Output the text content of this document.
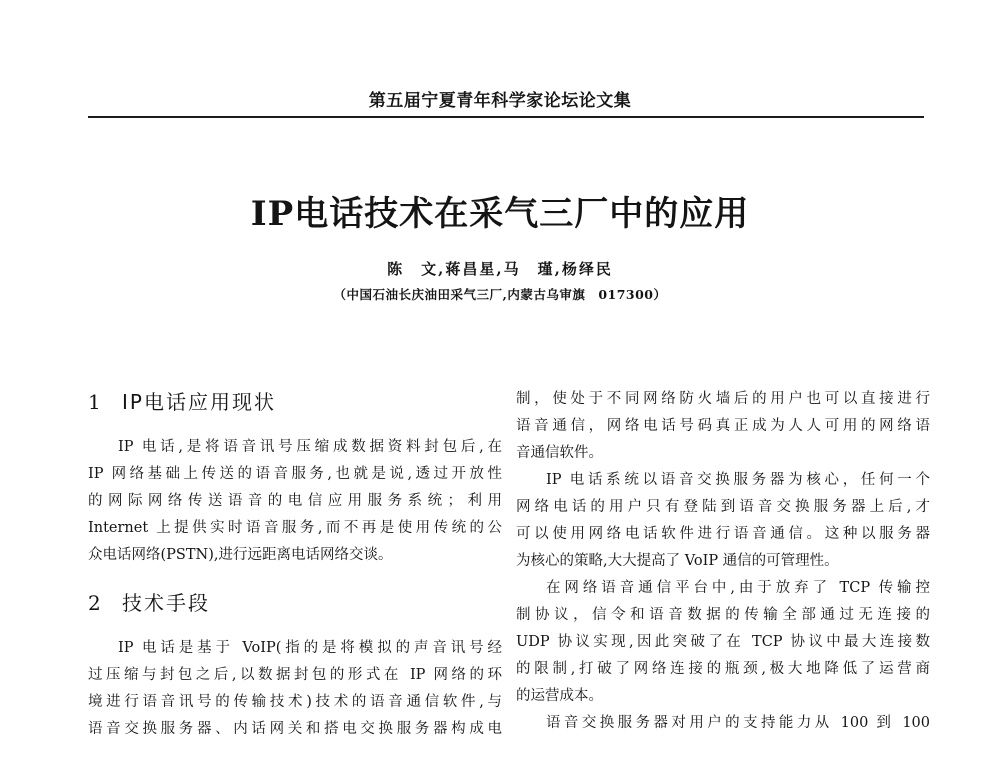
第五届宁夏青年科学家论坛论文集
IP电话技术在采气三厂中的应用
陈　文,蒋昌星,马　瑾,杨绎民
（中国石油长庆油田采气三厂,内蒙古乌审旗　017300）
1 IP电话应用现状
IP 电话,是将语音讯号压缩成数据资料封包后,在
IP 网络基础上传送的语音服务,也就是说,透过开放性
的网际网络传送语音的电信应用服务系统；利用
Internet 上提供实时语音服务,而不再是使用传统的公
众电话网络(PSTN),进行远距离电话网络交谈。
2 技术手段
IP 电话是基于 VoIP(指的是将模拟的声音讯号经
过压缩与封包之后,以数据封包的形式在 IP 网络的环
境进行语音讯号的传输技术)技术的语音通信软件,与
语音交换服务器、内话网关和搭电交换服务器构成电
制，使处于不同网络防火墙后的用户也可以直接进行
语音通信，网络电话号码真正成为人人可用的网络语
音通信软件。
IP 电话系统以语音交换服务器为核心，任何一个
网络电话的用户只有登陆到语音交换服务器上后,才
可以使用网络电话软件进行语音通信。这种以服务器
为核心的策略,大大提高了 VoIP 通信的可管理性。
在网络语音通信平台中,由于放弃了 TCP 传输控
制协议，信令和语音数据的传输全部通过无连接的
UDP 协议实现,因此突破了在 TCP 协议中最大连接数
的限制,打破了网络连接的瓶颈,极大地降低了运营商
的运营成本。
语音交换服务器对用户的支持能力从 100 到 100
